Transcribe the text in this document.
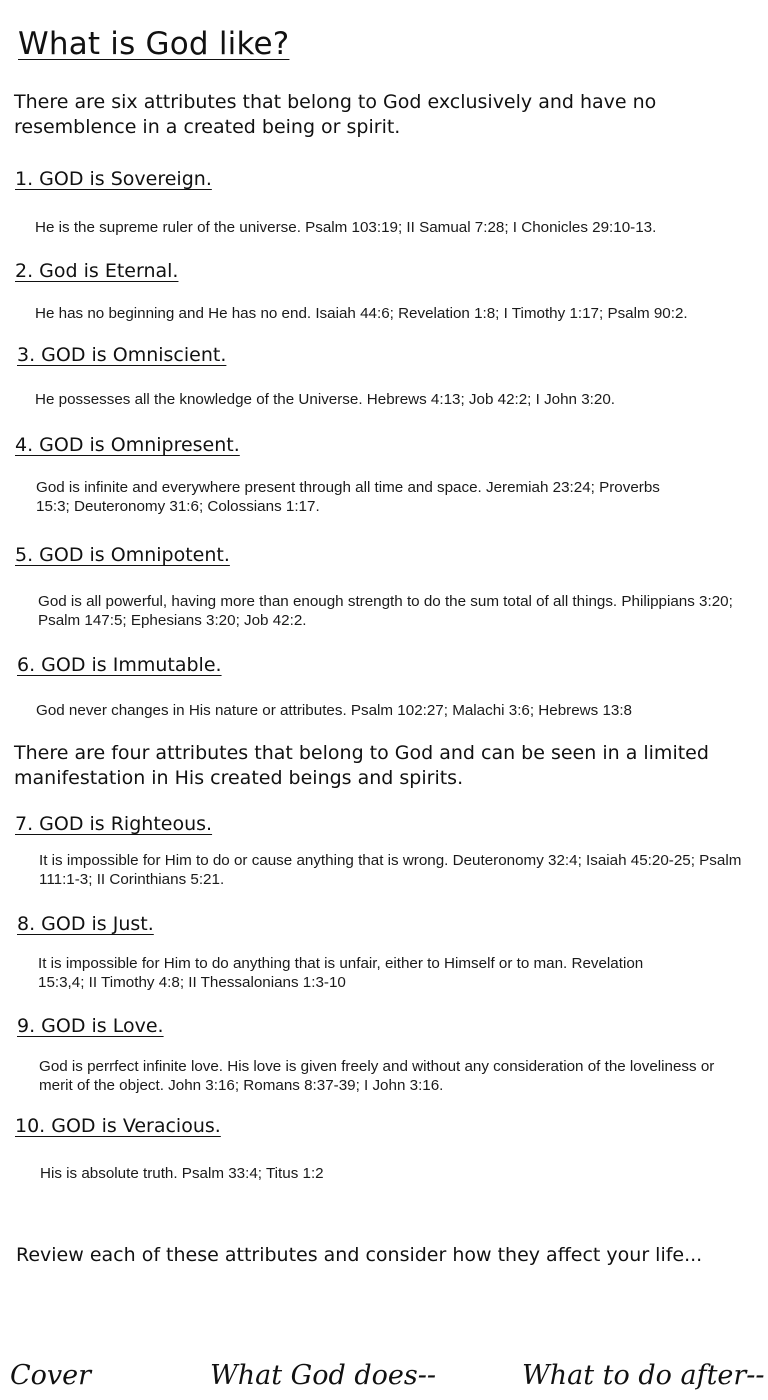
What is God like?

There are six attributes that belong to God exclusively and have no resemblence in a created being or spirit.

1. GOD is Sovereign.

He is the supreme ruler of the universe. Psalm 103:19; II Samual 7:28; I Chonicles 29:10-13.

2. God is Eternal.

He has no beginning and He has no end. Isaiah 44:6; Revelation 1:8; I Timothy 1:17; Psalm 90:2.

3. GOD is Omniscient.

He possesses all the knowledge of the Universe. Hebrews 4:13; Job 42:2; I John 3:20.

4. GOD is Omnipresent.

God is infinite and everywhere present through all time and space. Jeremiah 23:24; Proverbs 15:3; Deuteronomy 31:6; Colossians 1:17.

5. GOD is Omnipotent.

God is all powerful, having more than enough strength to do the sum total of all things. Philippians 3:20; Psalm 147:5; Ephesians 3:20; Job 42:2.

6. GOD is Immutable.

God never changes in His nature or attributes. Psalm 102:27; Malachi 3:6; Hebrews 13:8

There are four attributes that belong to God and can be seen in a limited manifestation in His created beings and spirits.

7. GOD is Righteous.

It is impossible for Him to do or cause anything that is wrong. Deuteronomy 32:4; Isaiah 45:20-25; Psalm 111:1-3; II Corinthians 5:21.

8. GOD is Just.

It is impossible for Him to do anything that is unfair, either to Himself or to man. Revelation 15:3,4; II Timothy 4:8; II Thessalonians 1:3-10

9. GOD is Love.

God is perrfect infinite love. His love is given freely and without any consideration of the loveliness or merit of the object. John 3:16; Romans 8:37-39; I John 3:16.

10. GOD is Veracious.

His is absolute truth. Psalm 33:4; Titus 1:2

Review each of these attributes and consider how they affect your life...
Cover	What God does--	What to do after--
